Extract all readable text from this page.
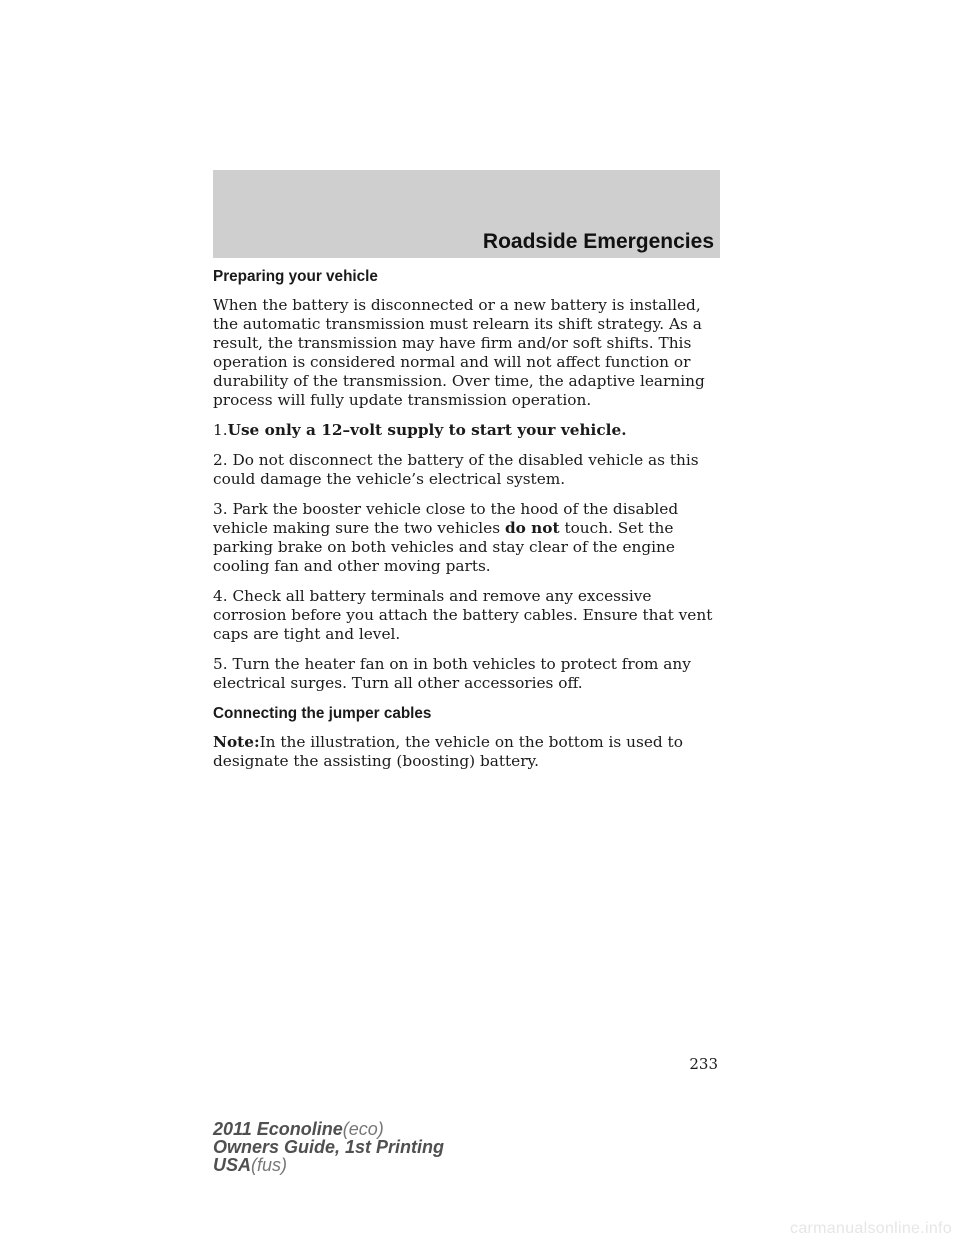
Roadside Emergencies
Preparing your vehicle

When the battery is disconnected or a new battery is installed, the automatic transmission must relearn its shift strategy. As a result, the transmission may have firm and/or soft shifts. This operation is considered normal and will not affect function or durability of the transmission. Over time, the adaptive learning process will fully update transmission operation.

1.Use only a 12–volt supply to start your vehicle.

2. Do not disconnect the battery of the disabled vehicle as this could damage the vehicle’s electrical system.

3. Park the booster vehicle close to the hood of the disabled vehicle making sure the two vehicles do not touch. Set the parking brake on both vehicles and stay clear of the engine cooling fan and other moving parts.

4. Check all battery terminals and remove any excessive corrosion before you attach the battery cables. Ensure that vent caps are tight and level.

5. Turn the heater fan on in both vehicles to protect from any electrical surges. Turn all other accessories off.

Connecting the jumper cables

Note:In the illustration, the vehicle on the bottom is used to designate the assisting (boosting) battery.

233
2011 Econoline(eco)
Owners Guide, 1st Printing
USA(fus)
carmanualsonline.info
